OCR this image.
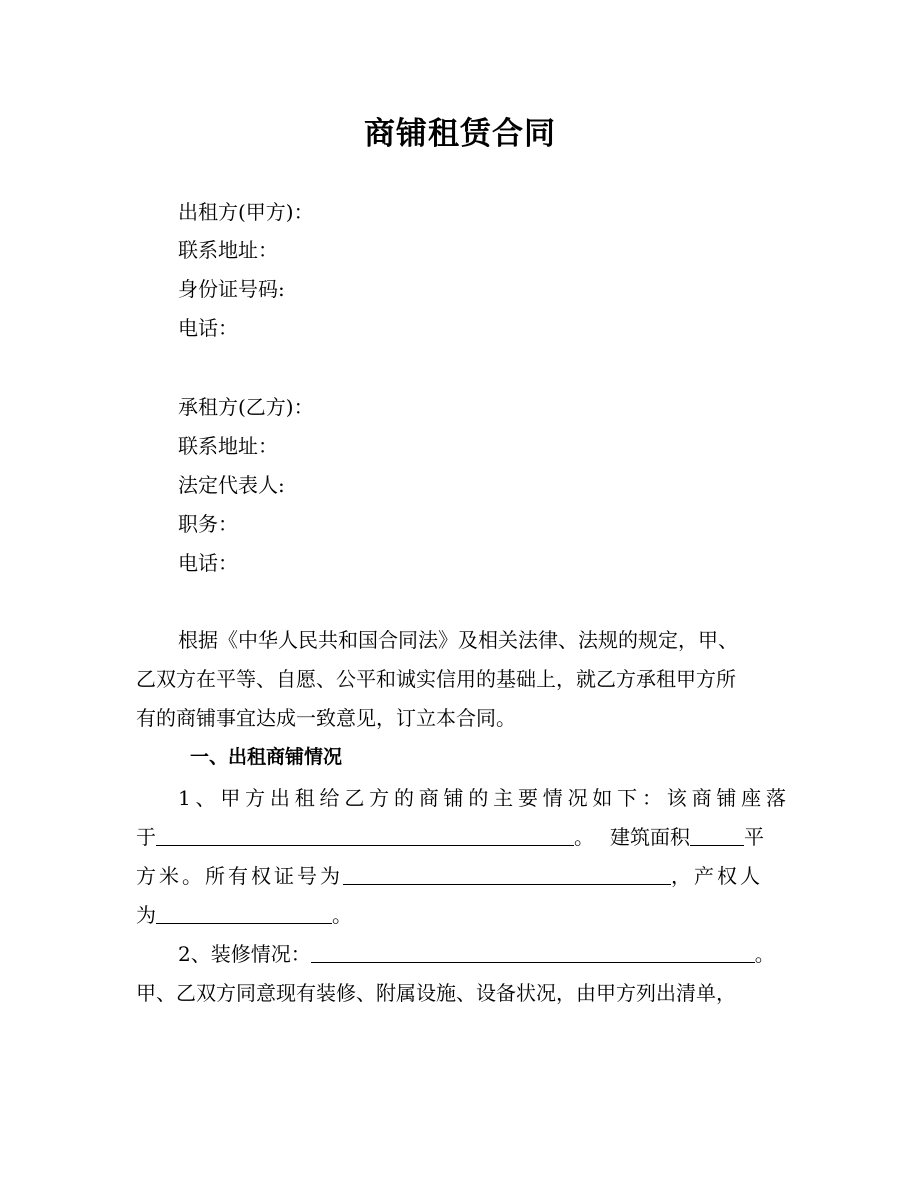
商铺租赁合同
出租方(甲方)：
联系地址：
身份证号码:
电话：
承租方(乙方)：
联系地址：
法定代表人:
职务：
电话：
根据《中华人民共和国合同法》及相关法律、法规的规定，甲、
乙双方在平等、自愿、公平和诚实信用的基础上，就乙方承租甲方所
有的商铺事宜达成一致意见，订立本合同。
一、出租商铺情况
1、甲方出租给乙方的商铺的主要情况如下：该商铺座落
于	。 建筑面积	平
方米。所有权证号为	，产权人
为	。
2、装修情况：	。
甲、乙双方同意现有装修、附属设施、设备状况，由甲方列出清单，
